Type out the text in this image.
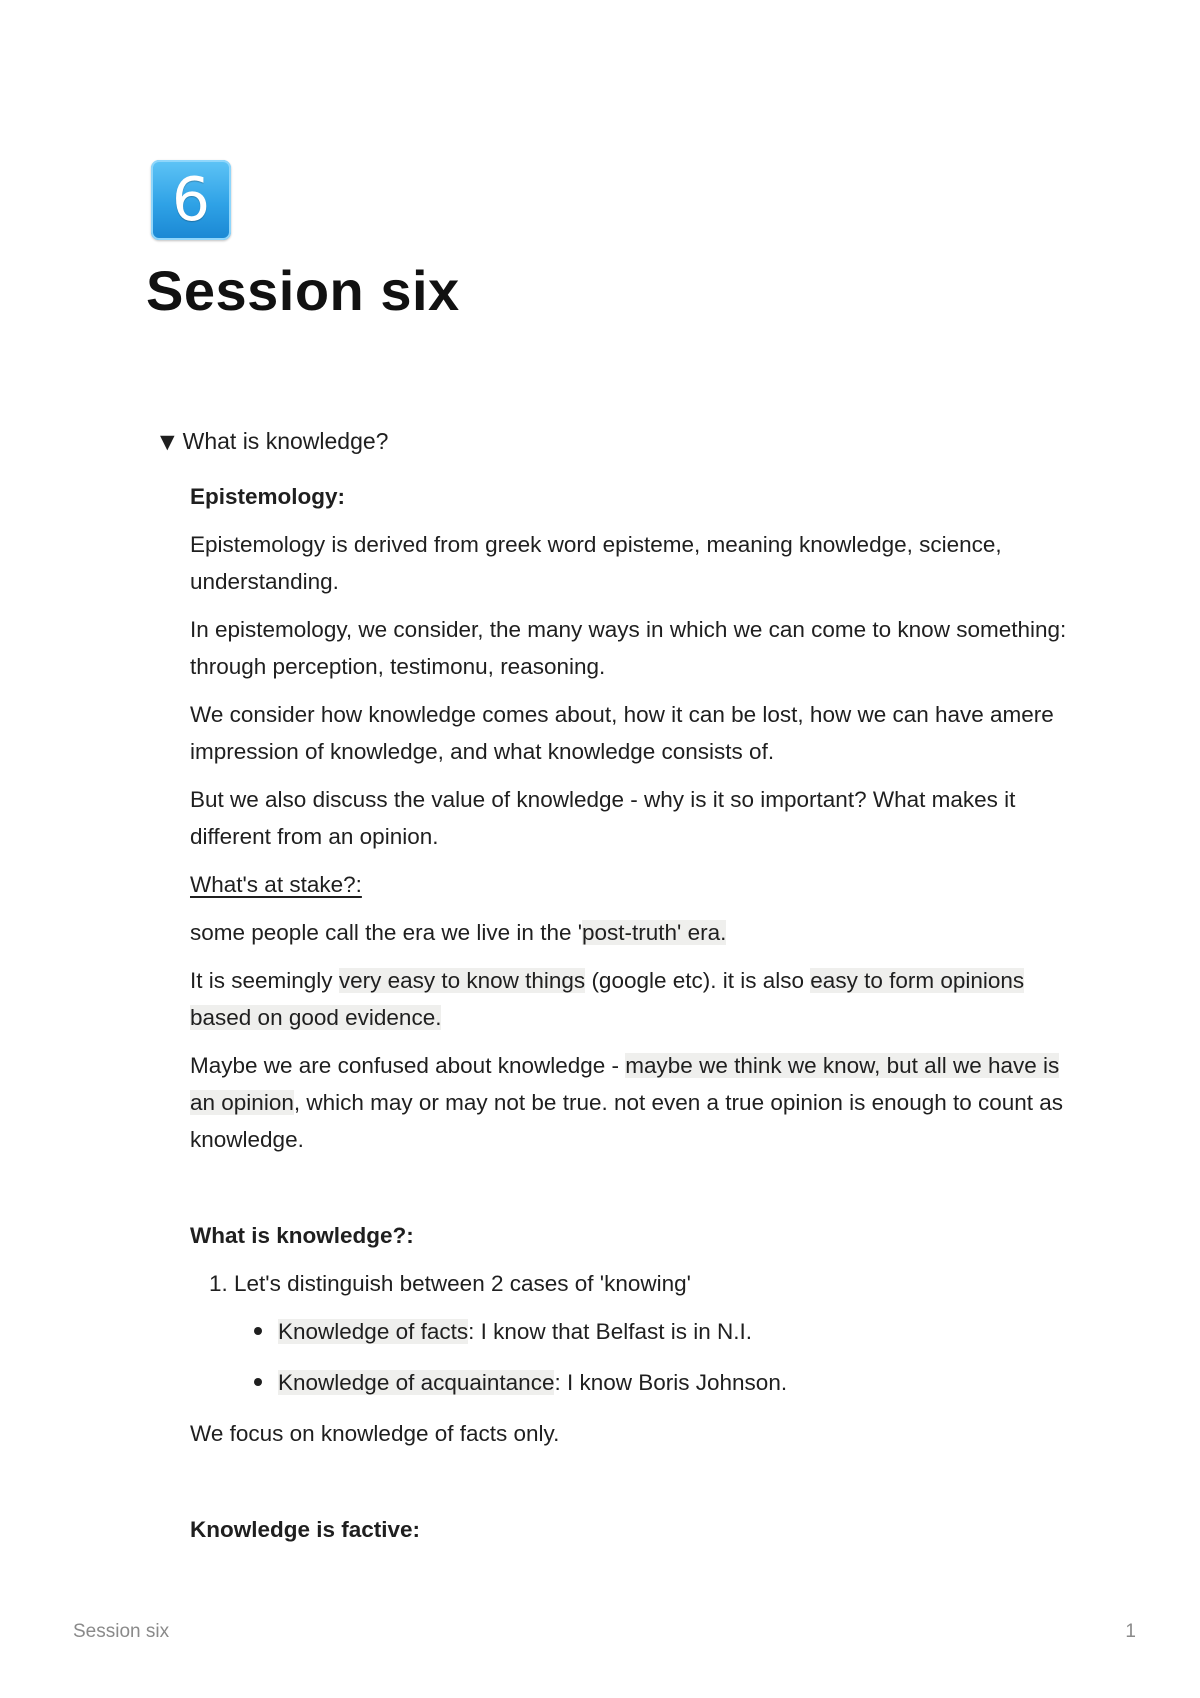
6
Session six
▼ What is knowledge?

Epistemology:

Epistemology is derived from greek word episteme, meaning knowledge, science, understanding.

In epistemology, we consider, the many ways in which we can come to know something: through perception, testimonu, reasoning.

We consider how knowledge comes about, how it can be lost, how we can have amere impression of knowledge, and what knowledge consists of.

But we also discuss the value of knowledge - why is it so important? What makes it different from an opinion.

What's at stake?:

some people call the era we live in the 'post-truth' era.

It is seemingly very easy to know things (google etc). it is also easy to form opinions based on good evidence.

Maybe we are confused about knowledge - maybe we think we know, but all we have is an opinion, which may or may not be true. not even a true opinion is enough to count as knowledge.

What is knowledge?:

1. Let's distinguish between 2 cases of 'knowing'
Knowledge of facts: I know that Belfast is in N.I.
Knowledge of acquaintance: I know Boris Johnson.

We focus on knowledge of facts only.

Knowledge is factive:

Session six	1
